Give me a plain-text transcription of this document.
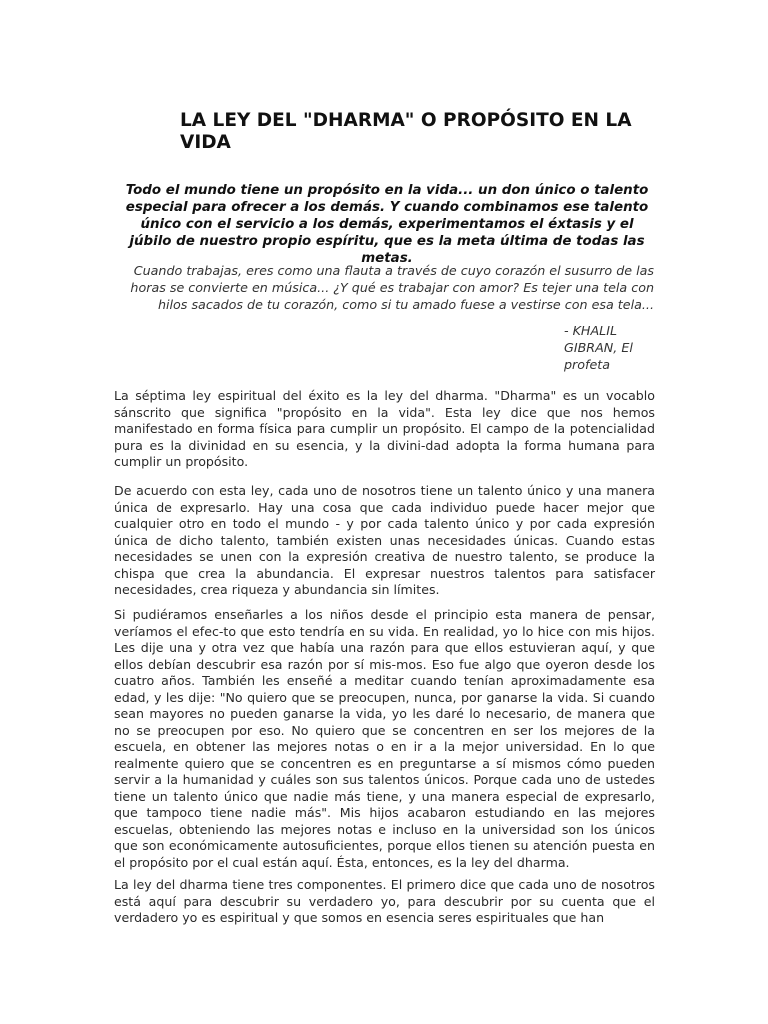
LA LEY DEL "DHARMA" O PROPÓSITO EN LA VIDA

Todo el mundo tiene un propósito en la vida... un don único o talento especial para ofrecer a los demás. Y cuando combinamos ese talento único con el servicio a los demás, experimentamos el éxtasis y el júbilo de nuestro propio espíritu, que es la meta última de todas las metas.

Cuando trabajas, eres como una flauta a través de cuyo corazón el susurro de las horas se convierte en música... ¿Y qué es trabajar con amor? Es tejer una tela con hilos sacados de tu corazón, como si tu amado fuese a vestirse con esa tela...

- KHALIL GIBRAN, El profeta

La séptima ley espiritual del éxito es la ley del dharma. "Dharma" es un vocablo sánscrito que significa "propósito en la vida". Esta ley dice que nos hemos manifestado en forma física para cumplir un propósito. El campo de la potencialidad pura es la divinidad en su esencia, y la divini-dad adopta la forma humana para cumplir un propósito.

De acuerdo con esta ley, cada uno de nosotros tiene un talento único y una manera única de expresarlo. Hay una cosa que cada individuo puede hacer mejor que cualquier otro en todo el mundo - y por cada talento único y por cada expresión única de dicho talento, también existen unas necesidades únicas. Cuando estas necesidades se unen con la expresión creativa de nuestro talento, se produce la chispa que crea la abundancia. El expresar nuestros talentos para satisfacer necesidades, crea riqueza y abundancia sin límites.

Si pudiéramos enseñarles a los niños desde el principio esta manera de pensar, veríamos el efec-to que esto tendría en su vida. En realidad, yo lo hice con mis hijos. Les dije una y otra vez que había una razón para que ellos estuvieran aquí, y que ellos debían descubrir esa razón por sí mis-mos. Eso fue algo que oyeron desde los cuatro años. También les enseñé a meditar cuando tenían aproximadamente esa edad, y les dije: "No quiero que se preocupen, nunca, por ganarse la vida. Si cuando sean mayores no pueden ganarse la vida, yo les daré lo necesario, de manera que no se preocupen por eso. No quiero que se concentren en ser los mejores de la escuela, en obtener las mejores notas o en ir a la mejor universidad. En lo que realmente quiero que se concentren es en preguntarse a sí mismos cómo pueden servir a la humanidad y cuáles son sus talentos únicos. Porque cada uno de ustedes tiene un talento único que nadie más tiene, y una manera especial de expresarlo, que tampoco tiene nadie más". Mis hijos acabaron estudiando en las mejores escuelas, obteniendo las mejores notas e incluso en la universidad son los únicos que son económicamente autosuficientes, porque ellos tienen su atención puesta en el propósito por el cual están aquí. Ésta, entonces, es la ley del dharma.

La ley del dharma tiene tres componentes. El primero dice que cada uno de nosotros está aquí para descubrir su verdadero yo, para descubrir por su cuenta que el verdadero yo es espiritual y que somos en esencia seres espirituales que han
